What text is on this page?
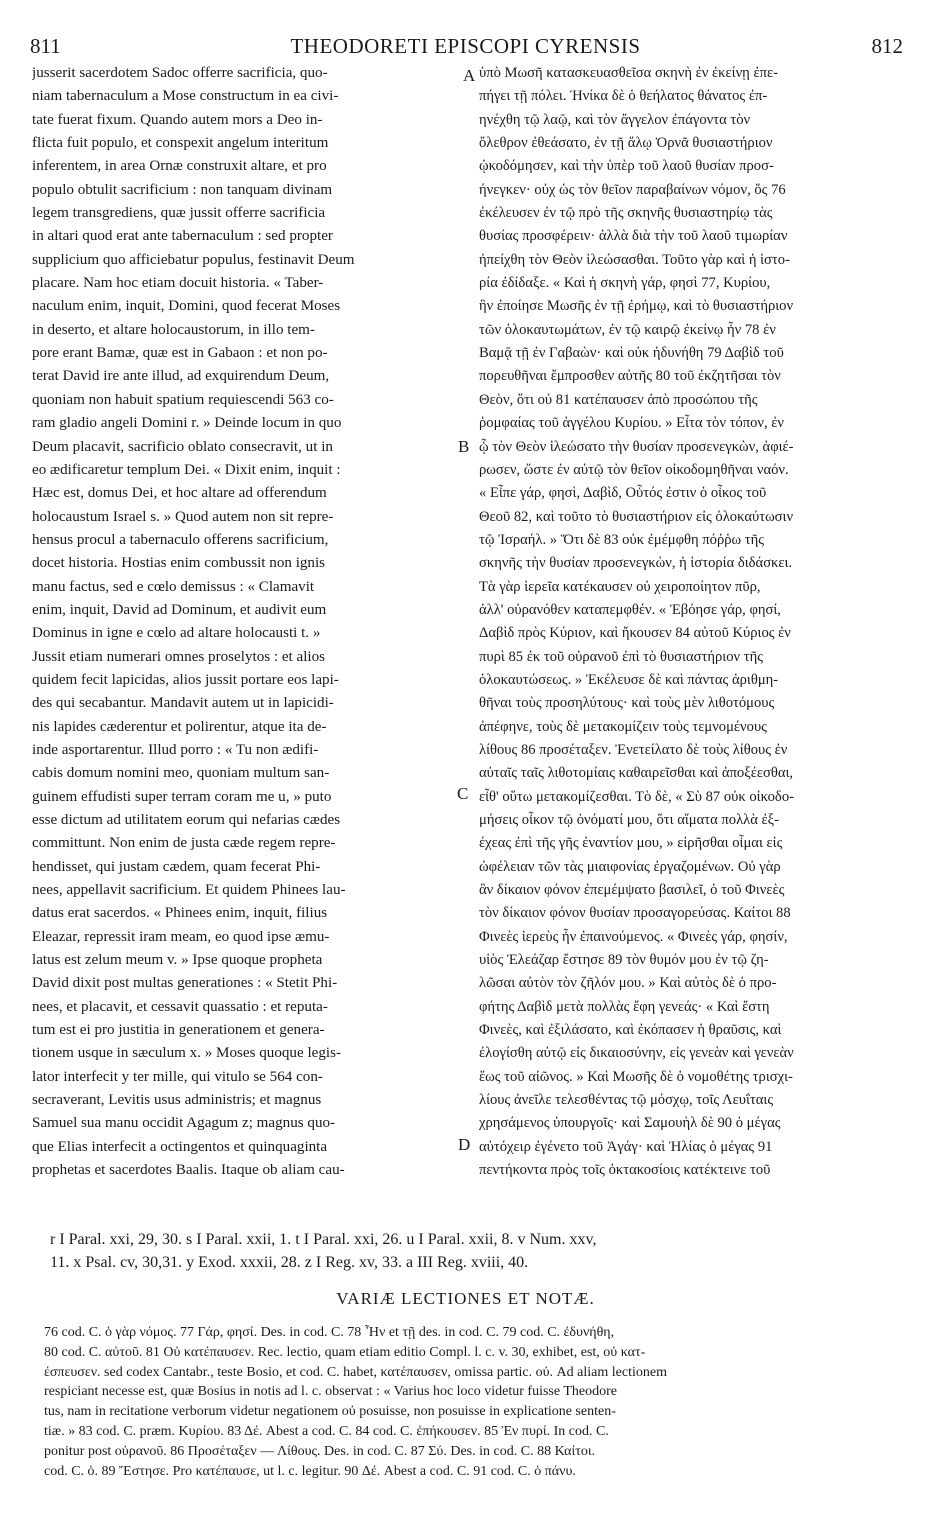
811	THEODORETI EPISCOPI CYRENSIS	812
jusserit sacerdotem Sadoc offerre sacrificia, quo-
niam tabernaculum a Mose constructum in ea civi-
tate fuerat fixum. Quando autem mors a Deo in-
flicta fuit populo, et conspexit angelum interitum
inferentem, in area Ornæ construxit altare, et pro
populo obtulit sacrificium : non tanquam divinam
legem transgrediens, quæ jussit offerre sacrificia
in altari quod erat ante tabernaculum : sed propter
supplicium quo afficiebatur populus, festinavit Deum
placare. Nam hoc etiam docuit historia. « Taber-
naculum enim, inquit, Domini, quod fecerat Moses
in deserto, et altare holocaustorum, in illo tem-
pore erant Bamæ, quæ est in Gabaon : et non po-
terat David ire ante illud, ad exquirendum Deum,
quoniam non habuit spatium requiescendi 563 co-
ram gladio angeli Domini r. » Deinde locum in quo
Deum placavit, sacrificio oblato consecravit, ut in
eo ædificaretur templum Dei. « Dixit enim, inquit :
Hæc est, domus Dei, et hoc altare ad offerendum
holocaustum Israel s. » Quod autem non sit repre-
hensus procul a tabernaculo offerens sacrificium,
docet historia. Hostias enim combussit non ignis
manu factus, sed e cœlo demissus : « Clamavit
enim, inquit, David ad Dominum, et audivit eum
Dominus in igne e cœlo ad altare holocausti t. »
Jussit etiam numerari omnes proselytos : et alios
quidem fecit lapicidas, alios jussit portare eos lapi-
des qui secabantur. Mandavit autem ut in lapicidi-
nis lapides cæderentur et polirentur, atque ita de-
inde asportarentur. Illud porro : « Tu non ædifi-
cabis domum nomini meo, quoniam multum san-
guinem effudisti super terram coram me u, » puto
esse dictum ad utilitatem eorum qui nefarias cædes
committunt. Non enim de justa cæde regem repre-
hendisset, qui justam cædem, quam fecerat Phi-
nees, appellavit sacrificium. Et quidem Phinees lau-
datus erat sacerdos. « Phinees enim, inquit, filius
Eleazar, repressit iram meam, eo quod ipse æmu-
latus est zelum meum v. » Ipse quoque propheta
David dixit post multas generationes : « Stetit Phi-
nees, et placavit, et cessavit quassatio : et reputa-
tum est ei pro justitia in generationem et genera-
tionem usque in sæculum x. » Moses quoque legis-
lator interfecit y ter mille, qui vitulo se 564 con-
secraverant, Levitis usus administris; et magnus
Samuel sua manu occidit Agagum z; magnus quo-
que Elias interfecit a octingentos et quinquaginta
prophetas et sacerdotes Baalis. Itaque ob aliam cau-
ὑπὸ Μωσῆ κατασκευασθεῖσα σκηνὴ ἐν ἐκείνῃ ἐπε-
πήγει τῇ πόλει. Ἡνίκα δὲ ὁ θεήλατος θάνατος ἐπ-
ηνέχθη τῷ λαῷ, καὶ τὸν ἄγγελον ἐπάγοντα τὸν
ὄλεθρον ἐθεάσατο, ἐν τῇ ἅλῳ Ὀρνᾶ θυσιαστήριον
ᾠκοδόμησεν, καὶ τὴν ὑπὲρ τοῦ λαοῦ θυσίαν προσ-
ήνεγκεν· οὐχ ὡς τὸν θεῖον παραβαίνων νόμον, ὅς 76
ἐκέλευσεν ἐν τῷ πρὸ τῆς σκηνῆς θυσιαστηρίῳ τὰς
θυσίας προσφέρειν· ἀλλὰ διὰ τὴν τοῦ λαοῦ τιμωρίαν
ἠπείχθη τὸν Θεὸν ἱλεώσασθαι. Τοῦτο γὰρ καὶ ἡ ἱστο-
ρία ἐδίδαξε. « Καὶ ἡ σκηνὴ γάρ, φησὶ 77, Κυρίου,
ἣν ἐποίησε Μωσῆς ἐν τῇ ἐρήμῳ, καὶ τὸ θυσιαστήριον
τῶν ὁλοκαυτωμάτων, ἐν τῷ καιρῷ ἐκείνῳ ἦν 78 ἐν
Βαμᾷ τῇ ἐν Γαβαὼν· καὶ οὐκ ἠδυνήθη 79 Δαβὶδ τοῦ
πορευθῆναι ἔμπροσθεν αὐτῆς 80 τοῦ ἐκζητῆσαι τὸν
Θεὸν, ὅτι οὐ 81 κατέπαυσεν ἀπὸ προσώπου τῆς
ῥομφαίας τοῦ ἀγγέλου Κυρίου. » Εἶτα τὸν τόπον, ἐν
ᾧ τὸν Θεὸν ἱλεώσατο τὴν θυσίαν προσενεγκὼν, ἀφιέ-
ρωσεν, ὥστε ἐν αὐτῷ τὸν θεῖον οἰκοδομηθῆναι ναόν.
« Εἶπε γάρ, φησὶ, Δαβὶδ, Οὗτός ἐστιν ὁ οἶκος τοῦ
Θεοῦ 82, καὶ τοῦτο τὸ θυσιαστήριον εἰς ὁλοκαύτωσιν
τῷ Ἰσραήλ. » Ὅτι δὲ 83 οὐκ ἐμέμφθη πόῤῥω τῆς
σκηνῆς τὴν θυσίαν προσενεγκὼν, ἡ ἱστορία διδάσκει.
Τὰ γὰρ ἱερεῖα κατέκαυσεν οὐ χειροποίητον πῦρ,
ἀλλ' οὐρανόθεν καταπεμφθέν. « Ἐβόησε γάρ, φησί,
Δαβὶδ πρὸς Κύριον, καὶ ἤκουσεν 84 αὐτοῦ Κύριος ἐν
πυρὶ 85 ἐκ τοῦ οὐρανοῦ ἐπὶ τὸ θυσιαστήριον τῆς
ὁλοκαυτώσεως. » Ἐκέλευσε δὲ καὶ πάντας ἀριθμη-
θῆναι τοὺς προσηλύτους· καὶ τοὺς μὲν λιθοτόμους
ἀπέφηνε, τοὺς δὲ μετακομίζειν τοὺς τεμνομένους
λίθους 86 προσέταξεν. Ἐνετείλατο δὲ τοὺς λίθους ἐν
αὐταῖς ταῖς λιθοτομίαις καθαιρεῖσθαι καὶ ἀποξέεσθαι,
εἶθ' οὕτω μετακομίζεσθαι. Τὸ δὲ, « Σὺ 87 οὐκ οἰκοδο-
μήσεις οἶκον τῷ ὀνόματί μου, ὅτι αἵματα πολλὰ ἐξ-
έχεας ἐπὶ τῆς γῆς ἐναντίον μου, » εἰρῆσθαι οἶμαι εἰς
ὠφέλειαν τῶν τὰς μιαιφονίας ἐργαζομένων. Οὐ γὰρ
ἂν δίκαιον φόνον ἐπεμέμψατο βασιλεῖ, ὁ τοῦ Φινεὲς
τὸν δίκαιον φόνον θυσίαν προσαγορεύσας. Καίτοι 88
Φινεὲς ἱερεὺς ἦν ἐπαινούμενος. « Φινεὲς γάρ, φησίν,
υἱὸς Ἐλεάζαρ ἔστησε 89 τὸν θυμόν μου ἐν τῷ ζη-
λῶσαι αὐτὸν τὸν ζῆλόν μου. » Καὶ αὐτὸς δὲ ὁ προ-
φήτης Δαβὶδ μετὰ πολλὰς ἔφη γενεάς· « Καὶ ἔστη
Φινεὲς, καὶ ἐξιλάσατο, καὶ ἐκόπασεν ἡ θραῦσις, καὶ
ἐλογίσθη αὐτῷ εἰς δικαιοσύνην, εἰς γενεὰν καὶ γενεὰν
ἕως τοῦ αἰῶνος. » Καὶ Μωσῆς δὲ ὁ νομοθέτης τρισχι-
λίους ἀνεῖλε τελεσθέντας τῷ μόσχῳ, τοῖς Λευΐταις
χρησάμενος ὑπουργοῖς· καὶ Σαμουὴλ δὲ 90 ὁ μέγας
αὐτόχειρ ἐγένετο τοῦ Ἀγάγ· καὶ Ἠλίας ὁ μέγας 91
πεντήκοντα πρὸς τοῖς ὀκτακοσίοις κατέκτεινε τοῦ
A
B
C
D
r I Paral. xxi, 29, 30. s I Paral. xxii, 1. t I Paral. xxi, 26. u I Paral. xxii, 8. v Num. xxv,
11. x Psal. cv, 30,31. y Exod. xxxii, 28. z I Reg. xv, 33. a III Reg. xviii, 40.
VARIÆ LECTIONES ET NOTÆ.
76 cod. C. ὁ γὰρ νόμος. 77 Γάρ, φησί. Des. in cod. C. 78 Ἦν et τῇ des. in cod. C. 79 cod. C. ἐδυνήθη,
80 cod. C. αὐτοῦ. 81 Οὐ κατέπαυσεν. Rec. lectio, quam etiam editio Compl. l. c. v. 30, exhibet, est, οὐ κατ-
έσπευσεν. sed codex Cantabr., teste Bosio, et cod. C. habet, κατέπαυσεν, omissa partic. οὐ. Ad aliam lectionem
respiciant necesse est, quæ Bosius in notis ad l. c. observat : « Varius hoc loco videtur fuisse Theodore
tus, nam in recitatione verborum videtur negationem οὐ posuisse, non posuisse in explicatione senten-
tiæ. » 83 cod. C. præm. Κυρίου. 83 Δέ. Abest a cod. C. 84 cod. C. ἐπήκουσεν. 85 Ἐν πυρί. In cod. C.
ponitur post οὐρανοῦ. 86 Προσέταξεν — Λίθους. Des. in cod. C. 87 Σύ. Des. in cod. C. 88 Καίτοι.
cod. C. ὁ. 89 Ἔστησε. Pro κατέπαυσε, ut l. c. legitur. 90 Δέ. Abest a cod. C. 91 cod. C. ὁ πάνυ.
